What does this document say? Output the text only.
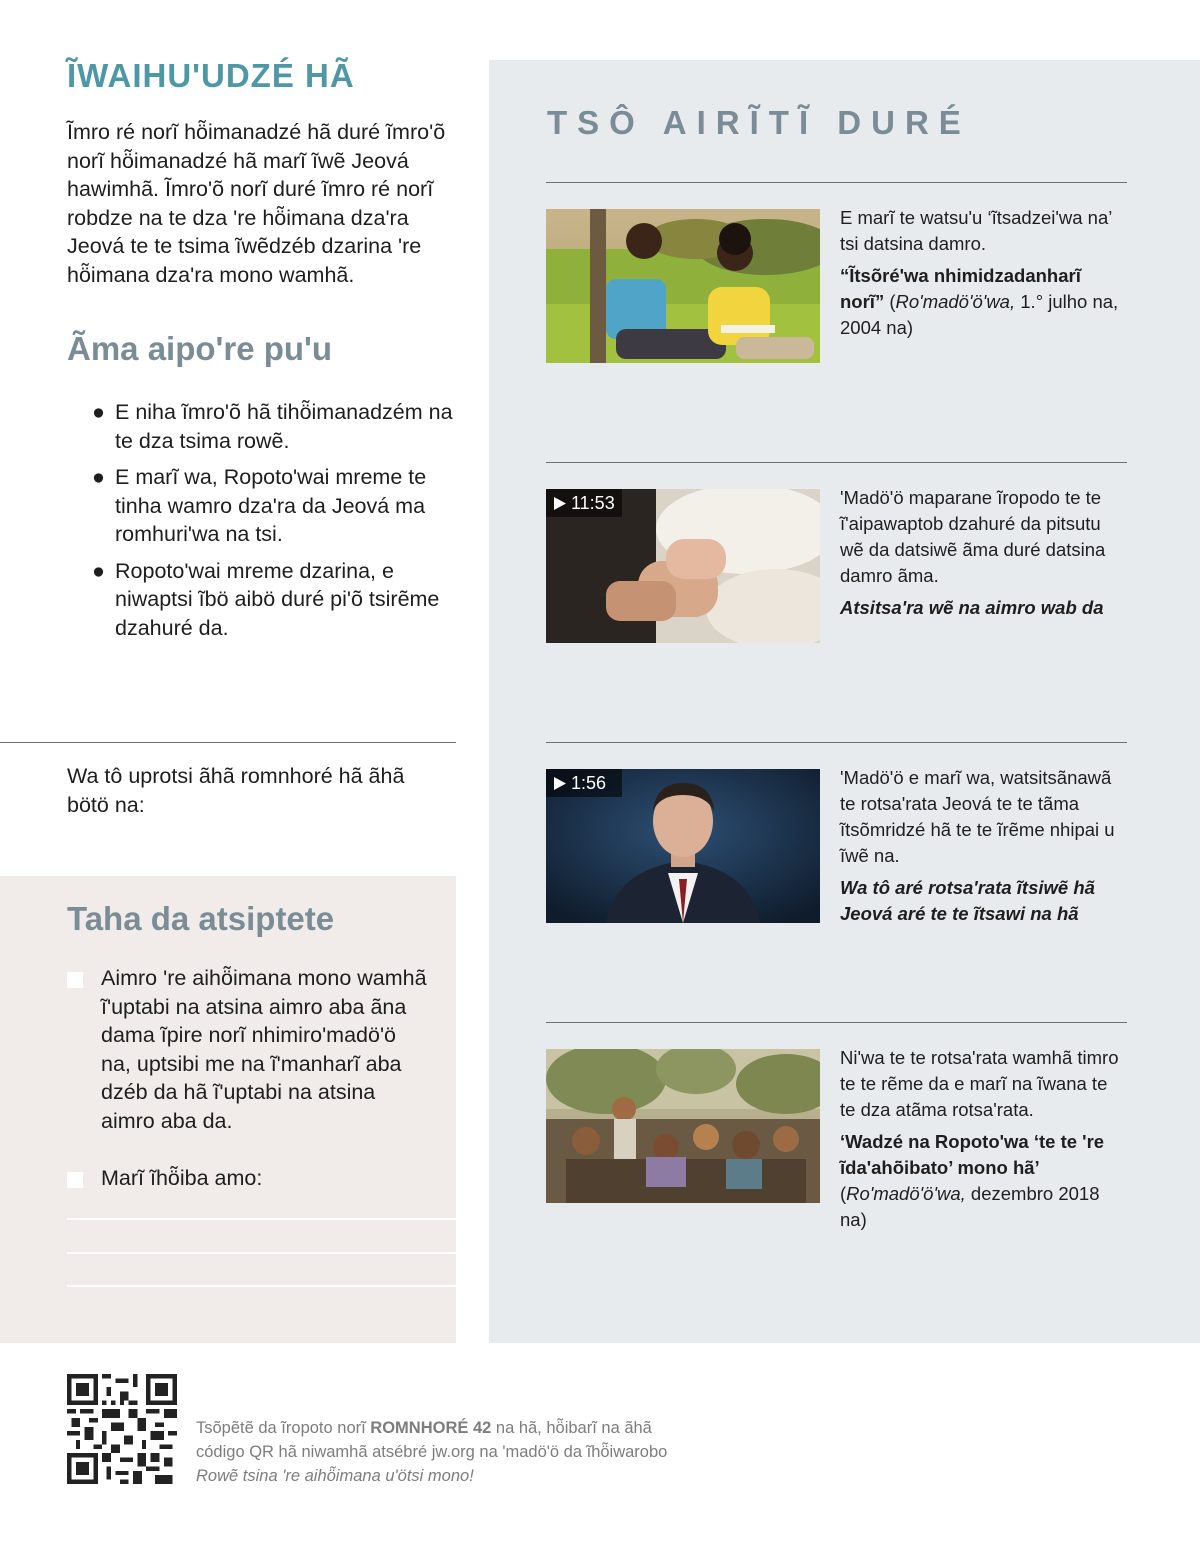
ĨWAIHU'UDZÉ HÃ

Ĩmro ré norĩ hö̃imanadzé hã duré ĩmro'õ norĩ hö̃imanadzé hã marĩ ĩwẽ Jeová hawimhã. Ĩmro'õ norĩ duré ĩmro ré norĩ robdze na te dza 're hö̃imana dza'ra Jeová te te tsima ĩwẽdzéb dzarina 're hö̃imana dza'ra mono wamhã.

Ãma aipo're pu'u
● E niha ĩmro'õ hã tihö̃imanadzém na te dza tsima rowẽ.
● E marĩ wa, Ropoto'wai mreme te tinha wamro dza'ra da Jeová ma romhuri'wa na tsi.
● Ropoto'wai mreme dzarina, e niwaptsi ĩbö aibö duré pi'õ tsirẽme dzahuré da.

Wa tô uprotsi ãhã romnhoré hã ãhã bötö na:

Taha da atsiptete
Aimro 're aihö̃imana mono wamhã ĩ'uptabi na atsina aimro aba ãna dama ĩpire norĩ nhimiro'madö'ö na, uptsibi me na ĩ'manharĩ aba dzéb da hã ĩ'uptabi na atsina aimro aba da.
Marĩ ĩhö̃iba amo:
TSÔ AIRĨTĨ DURÉ

E marĩ te watsu'u ‘ĩtsadzei'wa na’ tsi datsina damro.

“Ĩtsõré'wa nhimidzadanharĩ norĩ” (Ro'madö'ö'wa, 1.° julho na, 2004 na)

11:53	'Madö'ö maparane ĩropodo te te ĩ'aipawaptob dzahuré da pitsutu wẽ da datsiwẽ ãma duré datsina damro ãma.

Atsitsa'ra wẽ na aimro wab da

1:56	'Madö'ö e marĩ wa, watsitsãnawã te rotsa'rata Jeová te te tãma ĩtsõmridzé hã te te ĩrẽme nhipai u ĩwẽ na.

Wa tô aré rotsa'rata ĩtsiwẽ hã Jeová aré te te ĩtsawi na hã

Ni'wa te te rotsa'rata wamhã timro te te rẽme da e marĩ na ĩwana te te dza atãma rotsa'rata.

‘Wadzé na Ropoto'wa ‘te te 're ĩda'ahö̃ibato’ mono hã’ (Ro'madö'ö'wa, dezembro 2018 na)

Tsõpẽtẽ da ĩropoto norĩ ROMNHORÉ 42 na hã, hö̃ibarĩ na ãhã código QR hã niwamhã atsébré jw.org na 'madö'ö da ĩhö̃iwarobo Rowẽ tsina 're aihö̃imana u'ötsi mono!
